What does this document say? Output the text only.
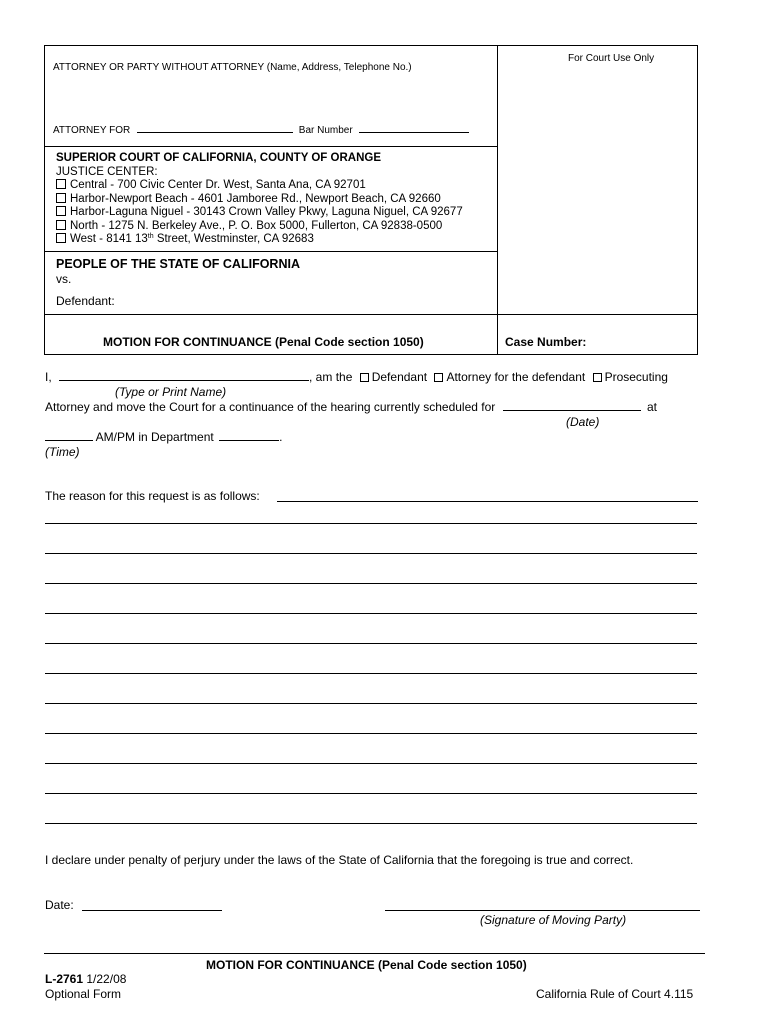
For Court Use Only
ATTORNEY OR PARTY WITHOUT ATTORNEY (Name, Address, Telephone No.)
ATTORNEY FOR	Bar Number
SUPERIOR COURT OF CALIFORNIA, COUNTY OF ORANGE
JUSTICE CENTER:
Central - 700 Civic Center Dr. West, Santa Ana, CA 92701
Harbor-Newport Beach - 4601 Jamboree Rd., Newport Beach, CA 92660
Harbor-Laguna Niguel - 30143 Crown Valley Pkwy, Laguna Niguel, CA 92677
North - 1275 N. Berkeley Ave., P. O. Box 5000, Fullerton, CA 92838-0500
West - 8141 13th Street, Westminster, CA 92683
PEOPLE OF THE STATE OF CALIFORNIA
vs.
Defendant:
MOTION FOR CONTINUANCE (Penal Code section 1050)	Case Number:
I,	, am the Defendant Attorney for the defendant Prosecuting
(Type or Print Name)
Attorney and move the Court for a continuance of the hearing currently scheduled for	at
(Date)
AM/PM in Department	.
(Time)
The reason for this request is as follows:
I declare under penalty of perjury under the laws of the State of California that the foregoing is true and correct.
Date:
(Signature of Moving Party)
MOTION FOR CONTINUANCE (Penal Code section 1050)
L-2761 1/22/08
Optional Form	California Rule of Court 4.115
